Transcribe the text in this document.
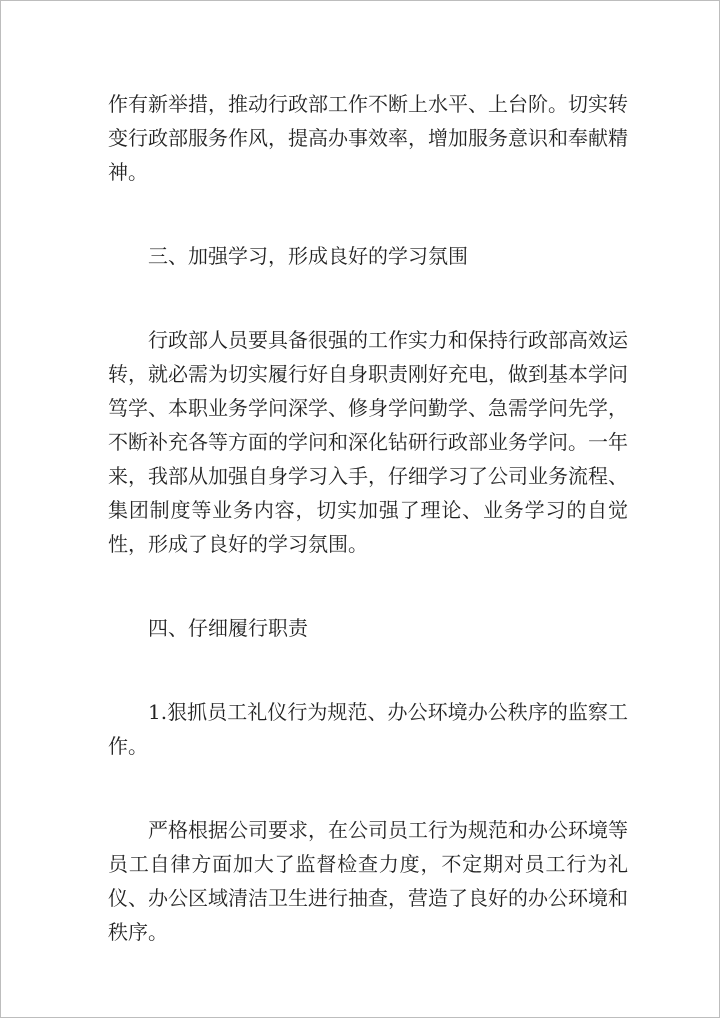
作有新举措，推动行政部工作不断上水平、上台阶。切实转变行政部服务作风，提高办事效率，增加服务意识和奉献精神。

三、加强学习，形成良好的学习氛围

行政部人员要具备很强的工作实力和保持行政部高效运转，就必需为切实履行好自身职责刚好充电，做到基本学问笃学、本职业务学问深学、修身学问勤学、急需学问先学，不断补充各等方面的学问和深化钻研行政部业务学问。一年来，我部从加强自身学习入手，仔细学习了公司业务流程、集团制度等业务内容，切实加强了理论、业务学习的自觉性，形成了良好的学习氛围。

四、仔细履行职责

1.狠抓员工礼仪行为规范、办公环境办公秩序的监察工作。

严格根据公司要求，在公司员工行为规范和办公环境等员工自律方面加大了监督检查力度，不定期对员工行为礼仪、办公区域清洁卫生进行抽查，营造了良好的办公环境和秩序。
